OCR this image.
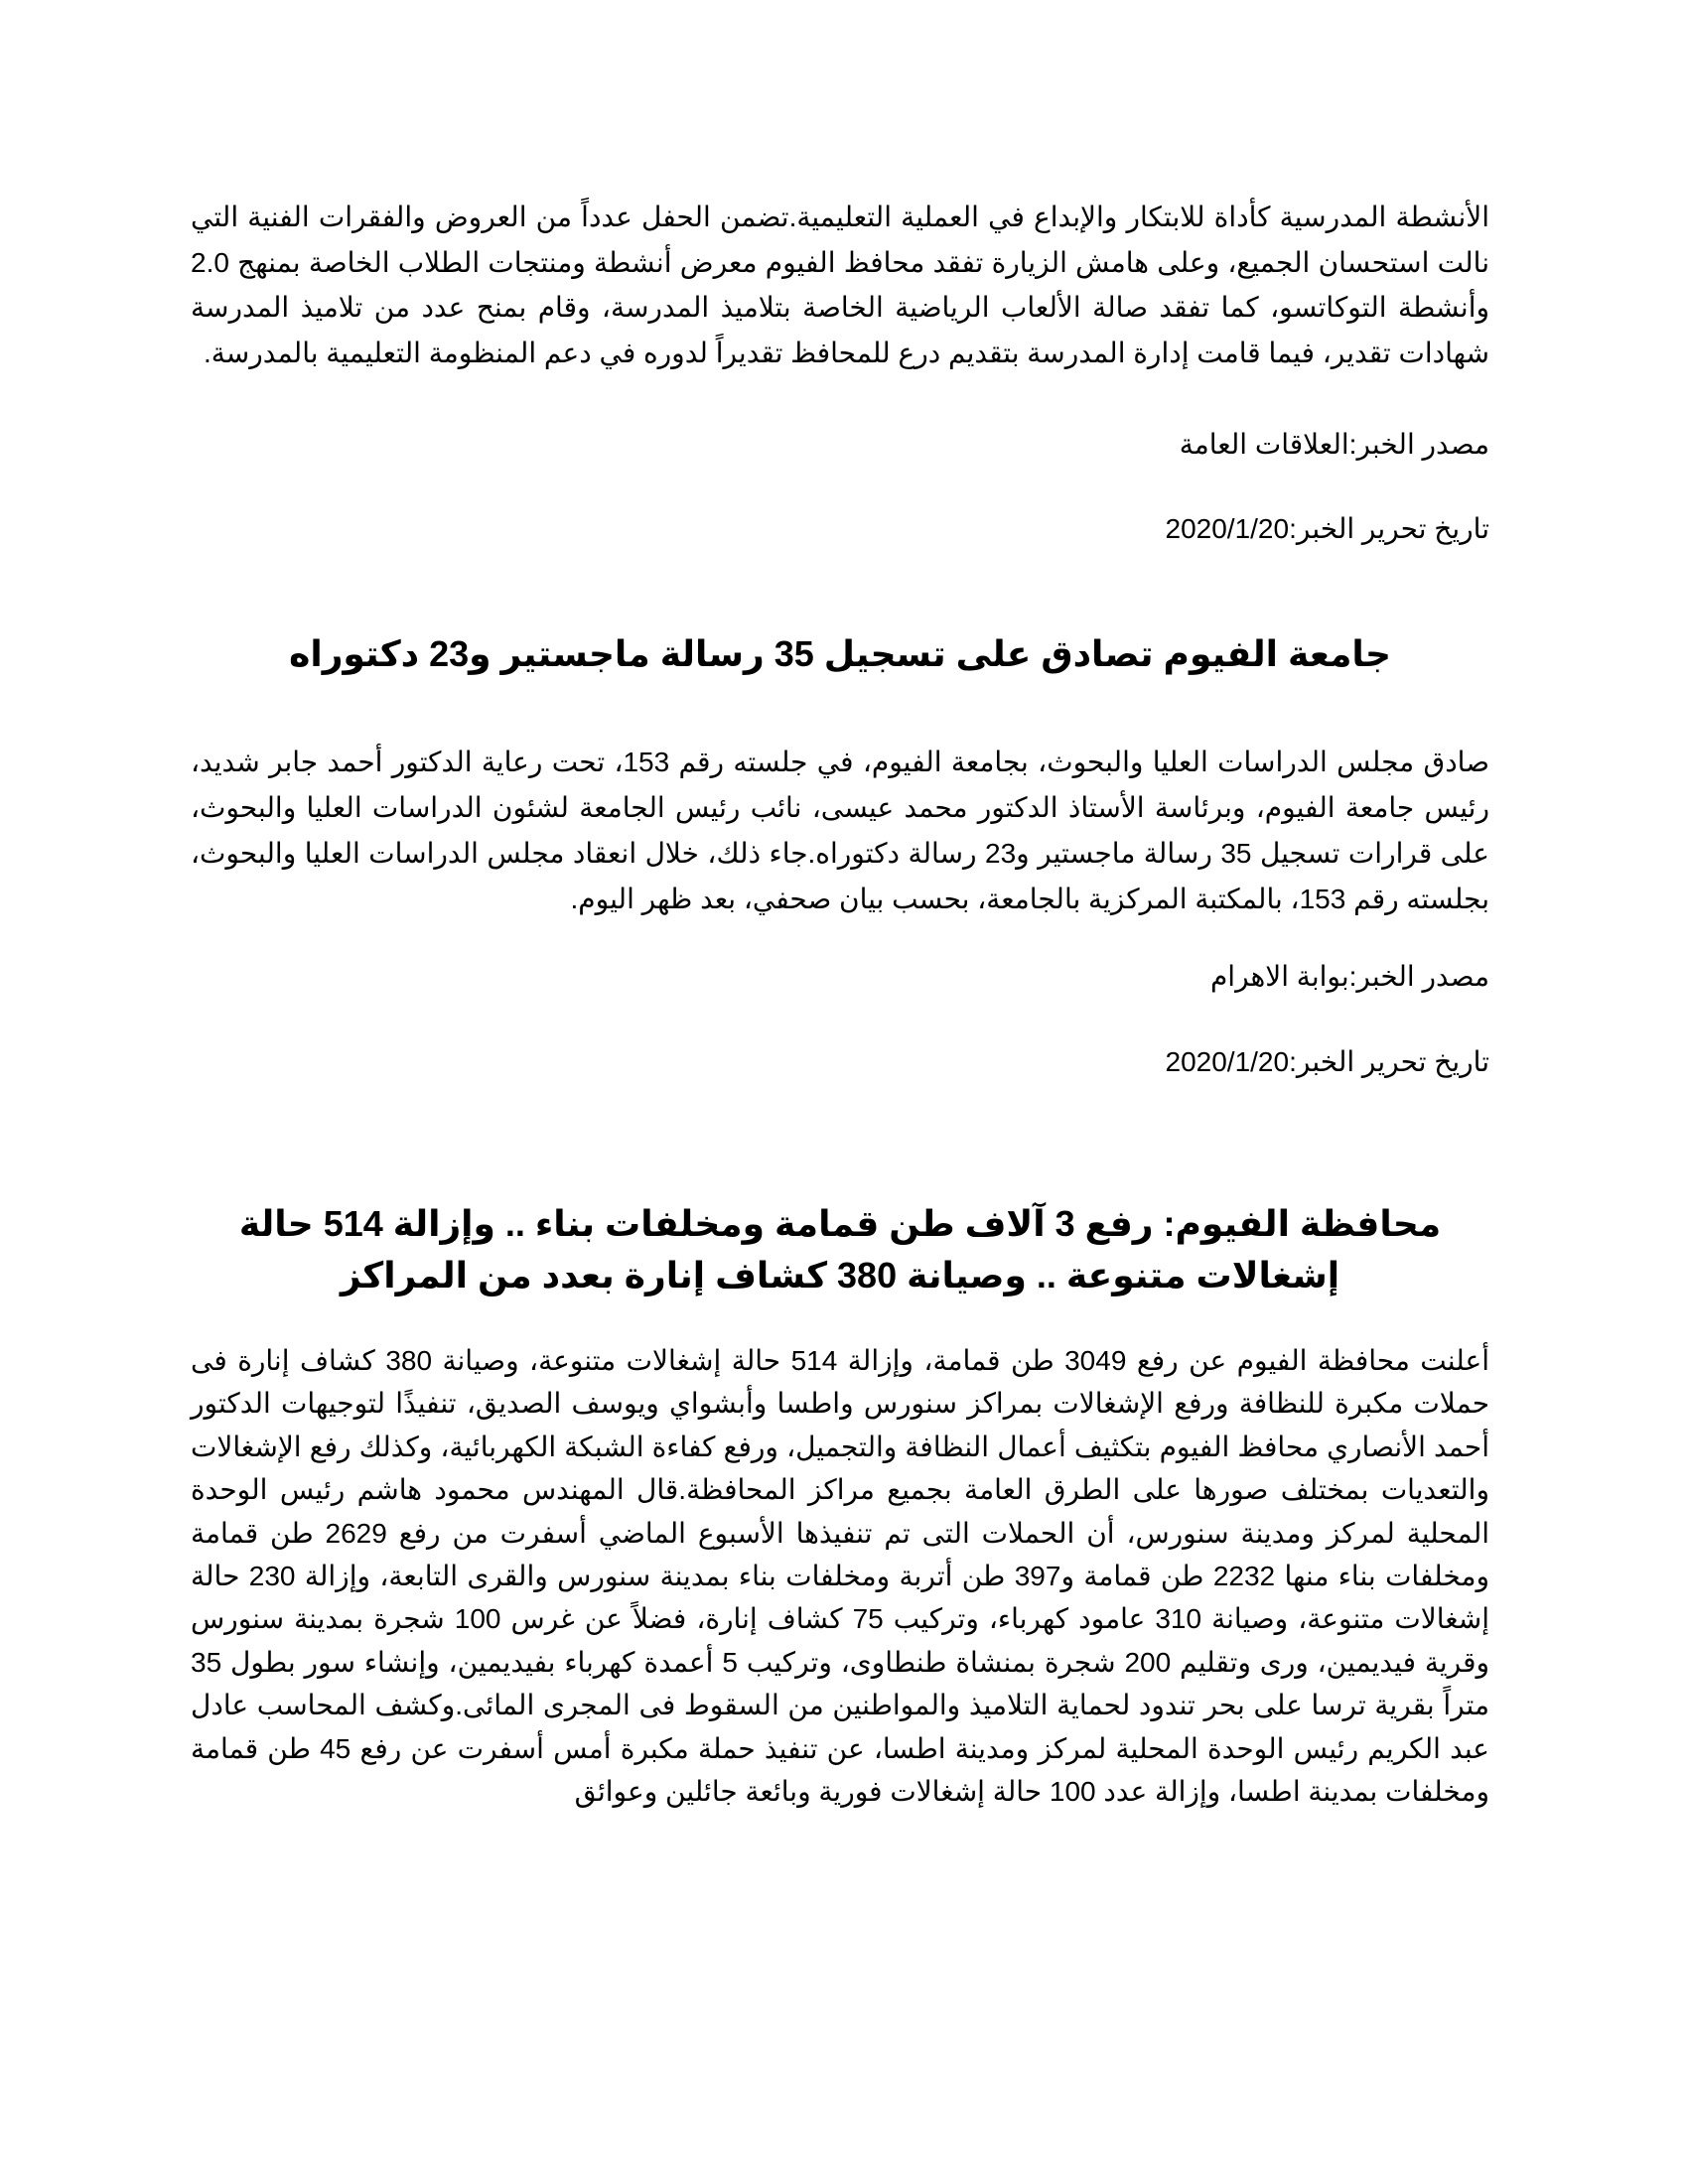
الأنشطة المدرسية كأداة للابتكار والإبداع في العملية التعليمية.تضمن الحفل عدداً من العروض والفقرات الفنية التي نالت استحسان الجميع، وعلى هامش الزيارة تفقد محافظ الفيوم معرض أنشطة ومنتجات الطلاب الخاصة بمنهج 2.0 وأنشطة التوكاتسو، كما تفقد صالة الألعاب الرياضية الخاصة بتلاميذ المدرسة، وقام بمنح عدد من تلاميذ المدرسة شهادات تقدير، فيما قامت إدارة المدرسة بتقديم درع للمحافظ تقديراً لدوره في دعم المنظومة التعليمية بالمدرسة.

مصدر الخبر:العلاقات العامة

تاريخ تحرير الخبر:2020/1/20

جامعة الفيوم تصادق على تسجيل 35 رسالة ماجستير و23 دكتوراه

صادق مجلس الدراسات العليا والبحوث، بجامعة الفيوم، في جلسته رقم 153، تحت رعاية الدكتور أحمد جابر شديد، رئيس جامعة الفيوم، وبرئاسة الأستاذ الدكتور محمد عيسى، نائب رئيس الجامعة لشئون الدراسات العليا والبحوث، على قرارات تسجيل 35 رسالة ماجستير و23 رسالة دكتوراه.جاء ذلك، خلال انعقاد مجلس الدراسات العليا والبحوث، بجلسته رقم 153، بالمكتبة المركزية بالجامعة، بحسب بيان صحفي، بعد ظهر اليوم.

مصدر الخبر:بوابة الاهرام

تاريخ تحرير الخبر:2020/1/20

محافظة الفيوم: رفع 3 آلاف طن قمامة ومخلفات بناء .. وإزالة 514 حالة إشغالات متنوعة .. وصيانة 380 كشاف إنارة بعدد من المراكز

أعلنت محافظة الفيوم عن رفع 3049 طن قمامة، وإزالة 514 حالة إشغالات متنوعة، وصيانة 380 كشاف إنارة فى حملات مكبرة للنظافة ورفع الإشغالات بمراكز سنورس واطسا وأبشواي ويوسف الصديق، تنفيذًا لتوجيهات الدكتور أحمد الأنصاري محافظ الفيوم بتكثيف أعمال النظافة والتجميل، ورفع كفاءة الشبكة الكهربائية، وكذلك رفع الإشغالات والتعديات بمختلف صورها على الطرق العامة بجميع مراكز المحافظة.قال المهندس محمود هاشم رئيس الوحدة المحلية لمركز ومدينة سنورس، أن الحملات التى تم تنفيذها الأسبوع الماضي أسفرت من رفع 2629 طن قمامة ومخلفات بناء منها 2232 طن قمامة و397 طن أتربة ومخلفات بناء بمدينة سنورس والقرى التابعة، وإزالة 230 حالة إشغالات متنوعة، وصيانة 310 عامود كهرباء، وتركيب 75 كشاف إنارة، فضلاً عن غرس 100 شجرة بمدينة سنورس وقرية فيديمين، ورى وتقليم 200 شجرة بمنشاة طنطاوى، وتركيب 5 أعمدة كهرباء بفيديمين، وإنشاء سور بطول 35 متراً بقرية ترسا على بحر تندود لحماية التلاميذ والمواطنين من السقوط فى المجرى المائى.وكشف المحاسب عادل عبد الكريم رئيس الوحدة المحلية لمركز ومدينة اطسا، عن تنفيذ حملة مكبرة أمس أسفرت عن رفع 45 طن قمامة ومخلفات بمدينة اطسا، وإزالة عدد 100 حالة إشغالات فورية وبائعة جائلين وعوائق
